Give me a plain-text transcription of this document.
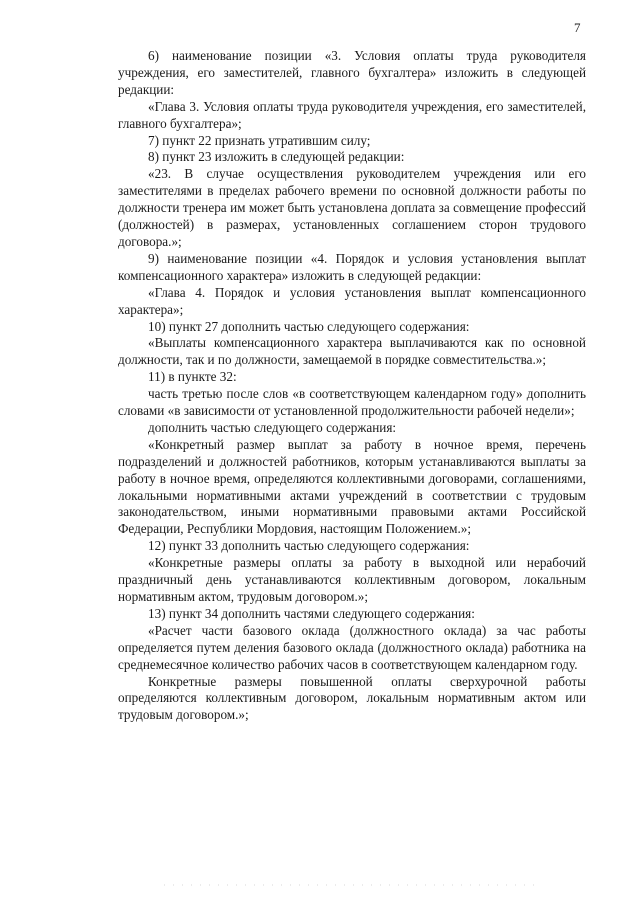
7

6) наименование позиции «3. Условия оплаты труда руководителя учреждения, его заместителей, главного бухгалтера» изложить в следующей редакции:

«Глава 3. Условия оплаты труда руководителя учреждения, его заместителей, главного бухгалтера»;

7) пункт 22 признать утратившим силу;

8) пункт 23 изложить в следующей редакции:

«23. В случае осуществления руководителем учреждения или его заместителями в пределах рабочего времени по основной должности работы по должности тренера им может быть установлена доплата за совмещение профессий (должностей) в размерах, установленных соглашением сторон трудового договора.»;

9) наименование позиции «4. Порядок и условия установления выплат компенсационного характера» изложить в следующей редакции:

«Глава 4. Порядок и условия установления выплат компенсационного характера»;

10) пункт 27 дополнить частью следующего содержания:

«Выплаты компенсационного характера выплачиваются как по основной должности, так и по должности, замещаемой в порядке совместительства.»;

11) в пункте 32:

часть третью после слов «в соответствующем календарном году» дополнить словами «в зависимости от установленной продолжительности рабочей недели»;

дополнить частью следующего содержания:

«Конкретный размер выплат за работу в ночное время, перечень подразделений и должностей работников, которым устанавливаются выплаты за работу в ночное время, определяются коллективными договорами, соглашениями, локальными нормативными актами учреждений в соответствии с трудовым законодательством, иными нормативными правовыми актами Российской Федерации, Республики Мордовия, настоящим Положением.»;

12) пункт 33 дополнить частью следующего содержания:

«Конкретные размеры оплаты за работу в выходной или нерабочий праздничный день устанавливаются коллективным договором, локальным нормативным актом, трудовым договором.»;

13) пункт 34 дополнить частями следующего содержания:

«Расчет части базового оклада (должностного оклада) за час работы определяется путем деления базового оклада (должностного оклада) работника на среднемесячное количество рабочих часов в соответствующем календарном году.

Конкретные размеры повышенной оплаты сверхурочной работы определяются коллективным договором, локальным нормативным актом или трудовым договором.»;
